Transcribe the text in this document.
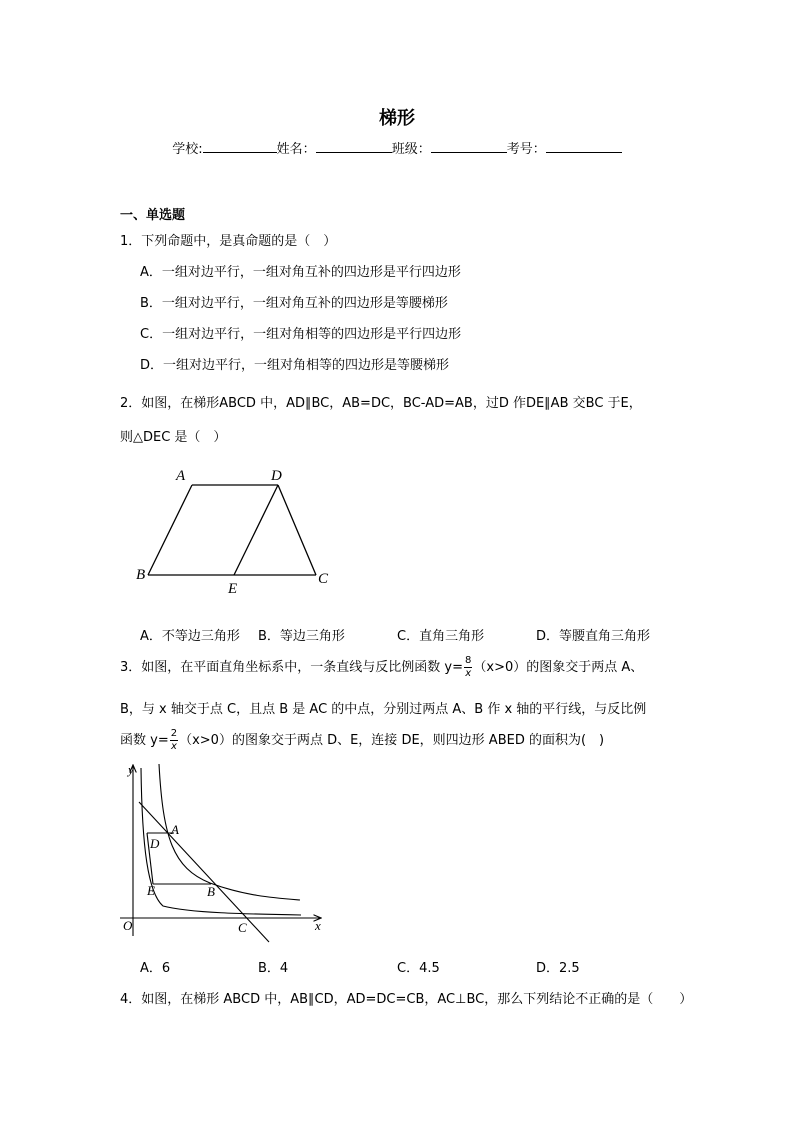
梯形
学校:	姓名：	班级：	考号：
一、单选题
1．下列命题中，是真命题的是（　）
A．一组对边平行，一组对角互补的四边形是平行四边形
B．一组对边平行，一组对角互补的四边形是等腰梯形
C．一组对边平行，一组对角相等的四边形是平行四边形
D．一组对边平行，一组对角相等的四边形是等腰梯形
2．如图，在梯形ABCD 中，AD∥BC，AB=DC，BC-AD=AB，过D 作DE∥AB 交BC 于E，
则△DEC 是（　）
A	D
B
E
C
A．不等边三角形 B．等边三角形	C．直角三角形	D．等腰直角三角形
3．如图，在平面直角坐标系中，一条直线与反比例函数 $y= \frac{8}{x} (x>0)$的图象交于两点 A、
B，与 x 轴交于点 C，且点 B 是 AC 的中点，分别过两点 A、B 作 x 轴的平行线，与反比例
函数 $y= \frac{2}{x} (x>0)$的图象交于两点 D、E，连接 DE，则四边形 ABED 的面积为(　)
y
x
O
A
D
E	B
C
A．6	B．4	C．4.5	D．2.5
4．如图，在梯形 ABCD 中，AB∥CD，AD=DC=CB，AC⊥BC，那么下列结论不正确的是（　　）
